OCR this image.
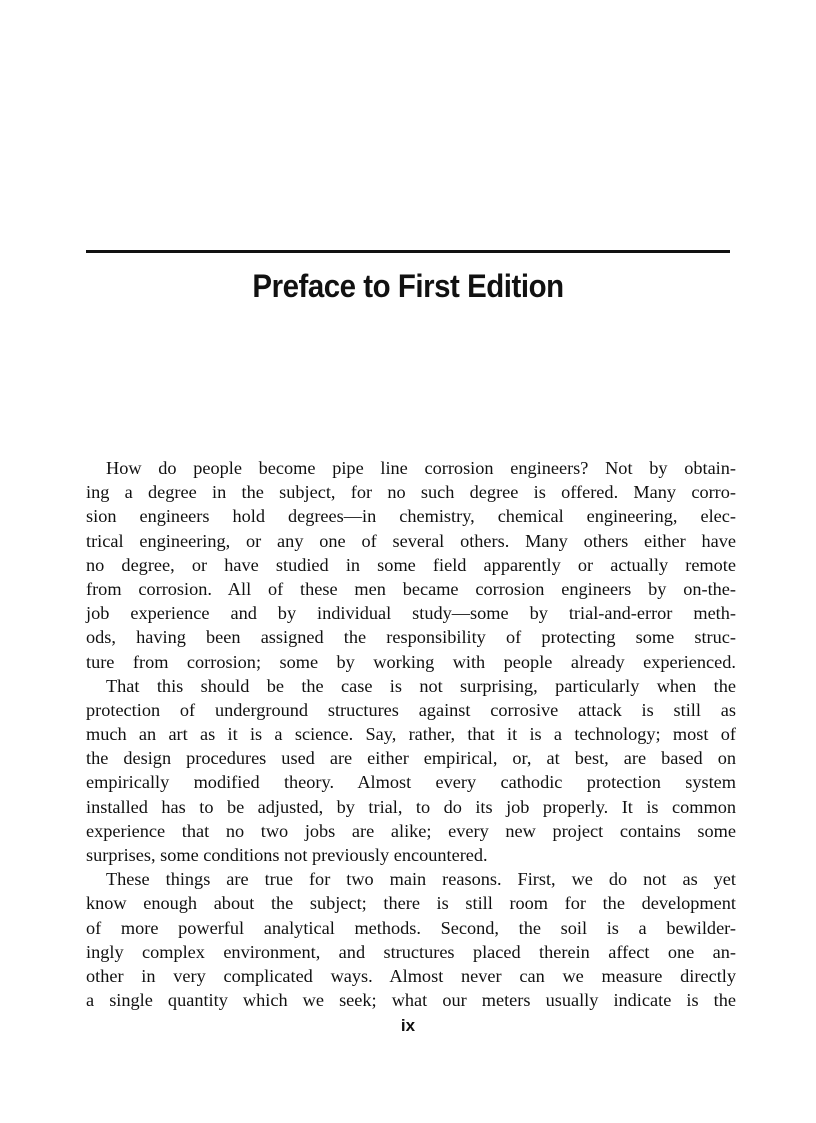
Preface to First Edition
How do people become pipe line corrosion engineers? Not by obtain-
ing a degree in the subject, for no such degree is offered. Many corro-
sion engineers hold degrees—in chemistry, chemical engineering, elec-
trical engineering, or any one of several others. Many others either have
no degree, or have studied in some field apparently or actually remote
from corrosion. All of these men became corrosion engineers by on-the-
job experience and by individual study—some by trial-and-error meth-
ods, having been assigned the responsibility of protecting some struc-
ture from corrosion; some by working with people already experienced.
That this should be the case is not surprising, particularly when the
protection of underground structures against corrosive attack is still as
much an art as it is a science. Say, rather, that it is a technology; most of
the design procedures used are either empirical, or, at best, are based on
empirically modified theory. Almost every cathodic protection system
installed has to be adjusted, by trial, to do its job properly. It is common
experience that no two jobs are alike; every new project contains some
surprises, some conditions not previously encountered.
These things are true for two main reasons. First, we do not as yet
know enough about the subject; there is still room for the development
of more powerful analytical methods. Second, the soil is a bewilder-
ingly complex environment, and structures placed therein affect one an-
other in very complicated ways. Almost never can we measure directly
a single quantity which we seek; what our meters usually indicate is the
ix
